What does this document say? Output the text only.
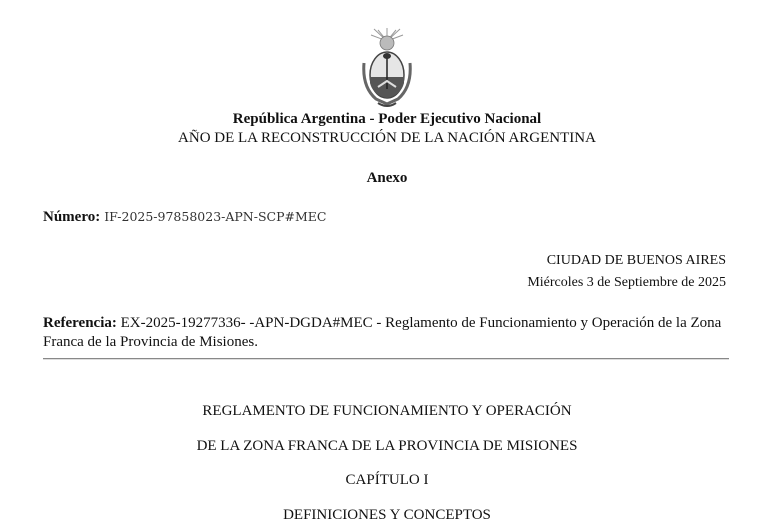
República Argentina - Poder Ejecutivo Nacional
AÑO DE LA RECONSTRUCCIÓN DE LA NACIÓN ARGENTINA
Anexo
Número: IF-2025-97858023-APN-SCP#MEC
CIUDAD DE BUENOS AIRES
Miércoles 3 de Septiembre de 2025
Referencia: EX-2025-19277336- -APN-DGDA#MEC - Reglamento de Funcionamiento y Operación de la Zona Franca de la Provincia de Misiones.
REGLAMENTO DE FUNCIONAMIENTO Y OPERACIÓN
DE LA ZONA FRANCA DE LA PROVINCIA DE MISIONES
CAPÍTULO I
DEFINICIONES Y CONCEPTOS
